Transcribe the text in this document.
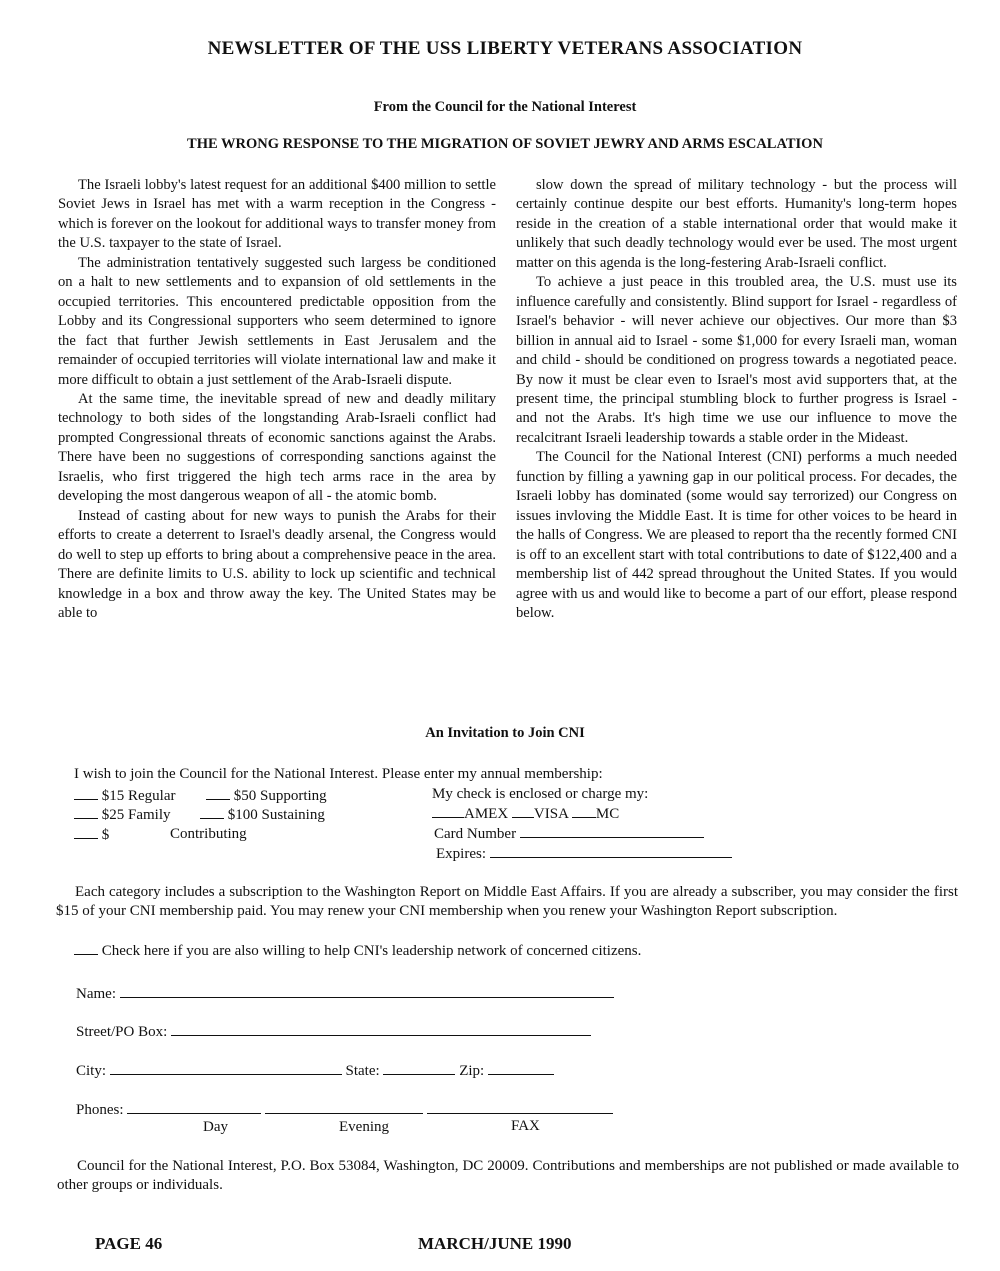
NEWSLETTER OF THE USS LIBERTY VETERANS ASSOCIATION
From the Council for the National Interest
THE WRONG RESPONSE TO THE MIGRATION OF SOVIET JEWRY AND ARMS ESCALATION

The Israeli lobby's latest request for an additional $400 million to settle Soviet Jews in Israel has met with a warm reception in the Congress - which is forever on the lookout for additional ways to transfer money from the U.S. taxpayer to the state of Israel.

The administration tentatively suggested such largess be conditioned on a halt to new settlements and to expansion of old settlements in the occupied territories. This encountered predictable opposition from the Lobby and its Congressional supporters who seem determined to ignore the fact that further Jewish settlements in East Jerusalem and the remainder of occupied territories will violate international law and make it more difficult to obtain a just settlement of the Arab-Israeli dispute.

At the same time, the inevitable spread of new and deadly military technology to both sides of the longstanding Arab-Israeli conflict had prompted Congressional threats of economic sanctions against the Arabs. There have been no suggestions of corresponding sanctions against the Israelis, who first triggered the high tech arms race in the area by developing the most dangerous weapon of all - the atomic bomb.

Instead of casting about for new ways to punish the Arabs for their efforts to create a deterrent to Israel's deadly arsenal, the Congress would do well to step up efforts to bring about a comprehensive peace in the area. There are definite limits to U.S. ability to lock up scientific and technical knowledge in a box and throw away the key. The United States may be able to

slow down the spread of military technology - but the process will certainly continue despite our best efforts. Humanity's long-term hopes reside in the creation of a stable international order that would make it unlikely that such deadly technology would ever be used. The most urgent matter on this agenda is the long-festering Arab-Israeli conflict.

To achieve a just peace in this troubled area, the U.S. must use its influence carefully and consistently. Blind support for Israel - regardless of Israel's behavior - will never achieve our objectives. Our more than $3 billion in annual aid to Israel - some $1,000 for every Israeli man, woman and child - should be conditioned on progress towards a negotiated peace. By now it must be clear even to Israel's most avid supporters that, at the present time, the principal stumbling block to further progress is Israel - and not the Arabs. It's high time we use our influence to move the recalcitrant Israeli leadership towards a stable order in the Mideast.

The Council for the National Interest (CNI) performs a much needed function by filling a yawning gap in our political process. For decades, the Israeli lobby has dominated (some would say terrorized) our Congress on issues invloving the Middle East. It is time for other voices to be heard in the halls of Congress. We are pleased to report tha the recently formed CNI is off to an excellent start with total contributions to date of $122,400 and a membership list of 442 spread throughout the United States. If you would agree with us and would like to become a part of our effort, please respond below.

An Invitation to Join CNI
I wish to join the Council for the National Interest. Please enter my annual membership:
$15 Regular	$50 Supporting
$25 Family	$100 Sustaining
$	Contributing
My check is enclosed or charge my:
AMEX VISA MC
Card Number
Expires:
Each category includes a subscription to the Washington Report on Middle East Affairs. If you are already a subscriber, you may consider the first $15 of your CNI membership paid. You may renew your CNI membership when you renew your Washington Report subscription.
Check here if you are also willing to help CNI's leadership network of concerned citizens.
Name:
Street/PO Box:
City:	State:	Zip:
Phones:
Day	Evening	FAX
Council for the National Interest, P.O. Box 53084, Washington, DC 20009. Contributions and memberships are not published or made available to other groups or individuals.
PAGE 46	MARCH/JUNE 1990
